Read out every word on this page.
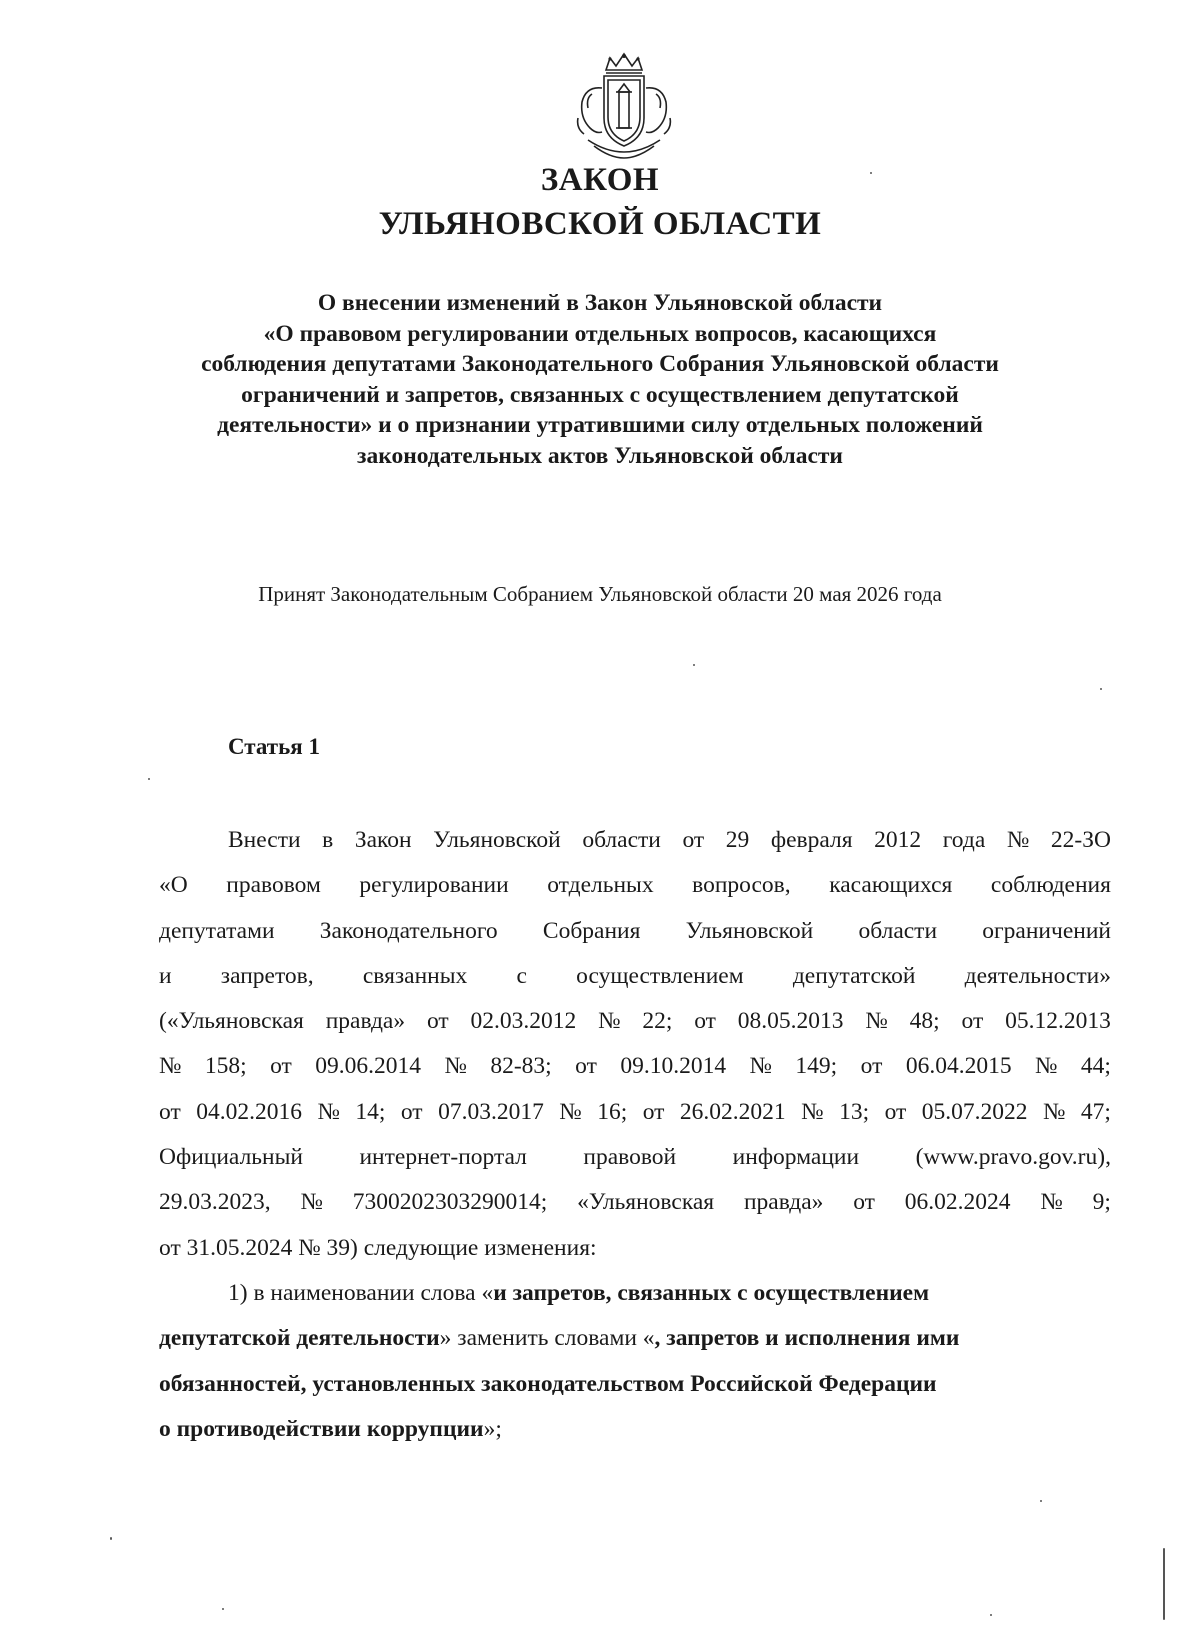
ЗАКОН
УЛЬЯНОВСКОЙ ОБЛАСТИ
О внесении изменений в Закон Ульяновской области
«О правовом регулировании отдельных вопросов, касающихся
соблюдения депутатами Законодательного Собрания Ульяновской области
ограничений и запретов, связанных с осуществлением депутатской
деятельности» и о признании утратившими силу отдельных положений
законодательных актов Ульяновской области
Принят Законодательным Собранием Ульяновской области 20 мая 2026 года
Статья 1
Внести в Закон Ульяновской области от 29 февраля 2012 года № 22-ЗО
«О правовом регулировании отдельных вопросов, касающихся соблюдения
депутатами Законодательного Собрания Ульяновской области ограничений
и запретов, связанных с осуществлением депутатской деятельности»
(«Ульяновская правда» от 02.03.2012 № 22; от 08.05.2013 № 48; от 05.12.2013
№ 158; от 09.06.2014 № 82-83; от 09.10.2014 № 149; от 06.04.2015 № 44;
от 04.02.2016 № 14; от 07.03.2017 № 16; от 26.02.2021 № 13; от 05.07.2022 № 47;
Официальный интернет-портал правовой информации (www.pravo.gov.ru),
29.03.2023, № 7300202303290014; «Ульяновская правда» от 06.02.2024 № 9;
от 31.05.2024 № 39) следующие изменения:
1) в наименовании слова «и запретов, связанных с осуществлением
депутатской деятельности» заменить словами «, запретов и исполнения ими
обязанностей, установленных законодательством Российской Федерации
о противодействии коррупции»;
